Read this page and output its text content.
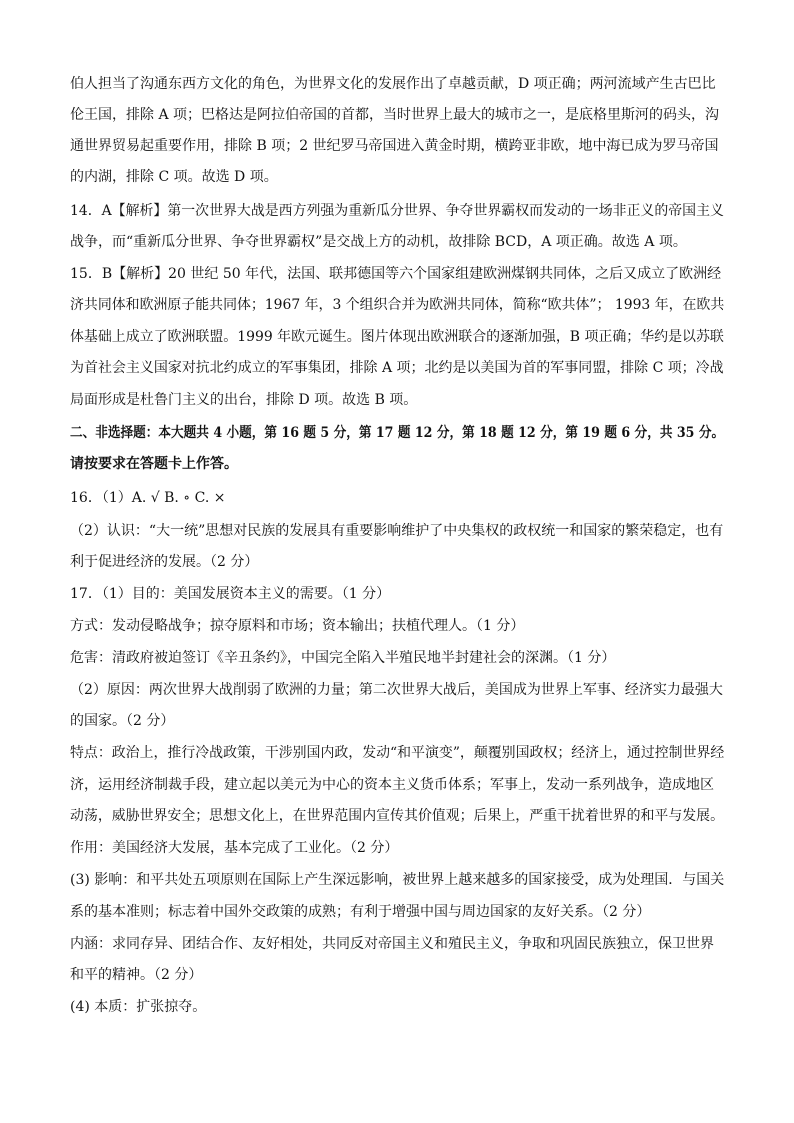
伯人担当了沟通东西方文化的角色，为世界文化的发展作出了卓越贡献，D 项正确；两河流域产生古巴比
伦王国，排除 A 项；巴格达是阿拉伯帝国的首都，当时世界上最大的城市之一，是底格里斯河的码头，沟
通世界贸易起重要作用，排除 B 项；2 世纪罗马帝国进入黄金时期，横跨亚非欧，地中海已成为罗马帝国
的内湖，排除 C 项。故选 D 项。
14．A【解析】第一次世界大战是西方列强为重新瓜分世界、争夺世界霸权而发动的一场非正义的帝国主义
战争，而“重新瓜分世界、争夺世界霸权”是交战上方的动机，故排除 BCD，A 项正确。故选 A 项。
15．B【解析】20 世纪 50 年代，法国、联邦德国等六个国家组建欧洲煤钢共同体，之后又成立了欧洲经
济共同体和欧洲原子能共同体；1967 年，3 个组织合并为欧洲共同体，简称“欧共体”； 1993 年，在欧共
体基础上成立了欧洲联盟。1999 年欧元诞生。图片体现出欧洲联合的逐渐加强，B 项正确；华约是以苏联
为首社会主义国家对抗北约成立的军事集团，排除 A 项；北约是以美国为首的军事同盟，排除 C 项；冷战
局面形成是杜鲁门主义的出台，排除 D 项。故选 B 项。
二、非选择题：本大题共 4 小题，第 16 题 5 分，第 17 题 12 分，第 18 题 12 分，第 19 题 6 分，共 35 分。
请按要求在答题卡上作答。
16．（1）A. √ B. ∘ C. ×
（2）认识：“大一统”思想对民族的发展具有重要影响维护了中央集权的政权统一和国家的繁荣稳定，也有
利于促进经济的发展。（2 分）
17．（1）目的：美国发展资本主义的需要。（1 分）
方式：发动侵略战争；掠夺原料和市场；资本输出；扶植代理人。（1 分）
危害：清政府被迫签订《辛丑条约》，中国完全陷入半殖民地半封建社会的深渊。（1 分）
（2）原因：两次世界大战削弱了欧洲的力量；第二次世界大战后，美国成为世界上军事、经济实力最强大
的国家。（2 分）
特点：政治上，推行冷战政策，干涉别国内政，发动“和平演变”，颠覆别国政权；经济上，通过控制世界经
济，运用经济制裁手段，建立起以美元为中心的资本主义货币体系；军事上，发动一系列战争，造成地区
动荡，威胁世界安全；思想文化上，在世界范围内宣传其价值观；后果上，严重干扰着世界的和平与发展。
作用：美国经济大发展，基本完成了工业化。（2 分）
(3) 影响：和平共处五项原则在国际上产生深远影响，被世界上越来越多的国家接受，成为处理国．与国关
系的基本准则；标志着中国外交政策的成熟；有利于增强中国与周边国家的友好关系。（2 分）
内涵：求同存异、团结合作、友好相处，共同反对帝国主义和殖民主义，争取和巩固民族独立，保卫世界
和平的精神。（2 分）
(4) 本质：扩张掠夺。
